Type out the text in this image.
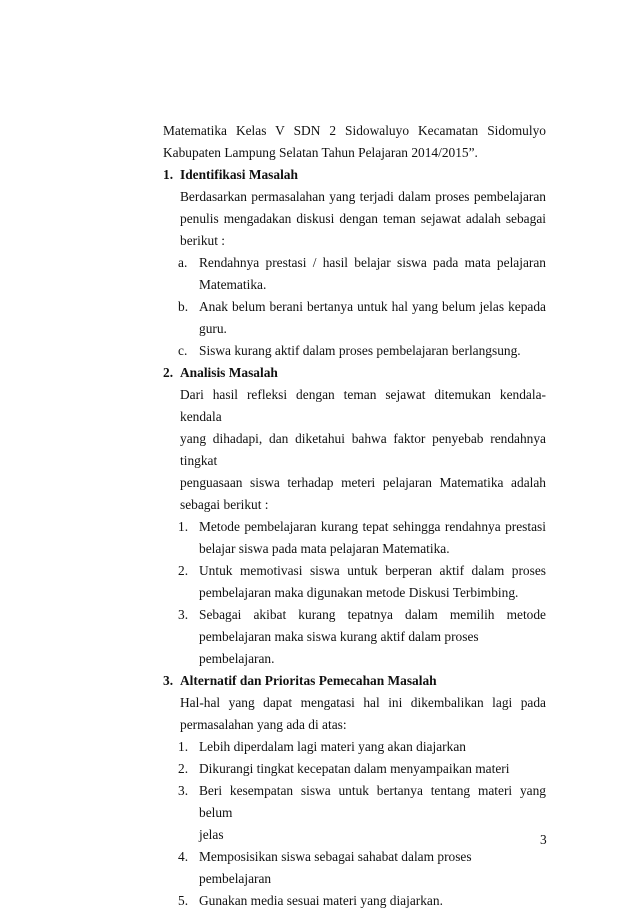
Matematika Kelas V SDN 2 Sidowaluyo Kecamatan Sidomulyo

Kabupaten Lampung Selatan Tahun Pelajaran 2014/2015”.

1. Identifikasi Masalah

Berdasarkan permasalahan yang terjadi dalam proses pembelajaran

penulis mengadakan diskusi dengan teman sejawat adalah sebagai

berikut :

a. Rendahnya prestasi / hasil belajar siswa pada mata pelajaran

Matematika.

b. Anak belum berani bertanya untuk hal yang belum jelas kepada

guru.

c. Siswa kurang aktif dalam proses pembelajaran berlangsung.

2. Analisis Masalah

Dari hasil refleksi dengan teman sejawat ditemukan kendala-kendala

yang dihadapi, dan diketahui bahwa faktor penyebab rendahnya tingkat

penguasaan siswa terhadap meteri pelajaran Matematika adalah

sebagai berikut :

1. Metode pembelajaran kurang tepat sehingga rendahnya prestasi

belajar siswa pada mata pelajaran Matematika.

2. Untuk memotivasi siswa untuk berperan aktif dalam proses

pembelajaran maka digunakan metode Diskusi Terbimbing.

3. Sebagai akibat kurang tepatnya dalam memilih metode

pembelajaran maka siswa kurang aktif dalam proses pembelajaran.

3. Alternatif dan Prioritas Pemecahan Masalah

Hal-hal yang dapat mengatasi hal ini dikembalikan lagi pada

permasalahan yang ada di atas:

1. Lebih diperdalam lagi materi yang akan diajarkan

2. Dikurangi tingkat kecepatan dalam menyampaikan materi

3. Beri kesempatan siswa untuk bertanya tentang materi yang belum

jelas

4. Memposisikan siswa sebagai sahabat dalam proses pembelajaran

5. Gunakan media sesuai materi yang diajarkan.

3
